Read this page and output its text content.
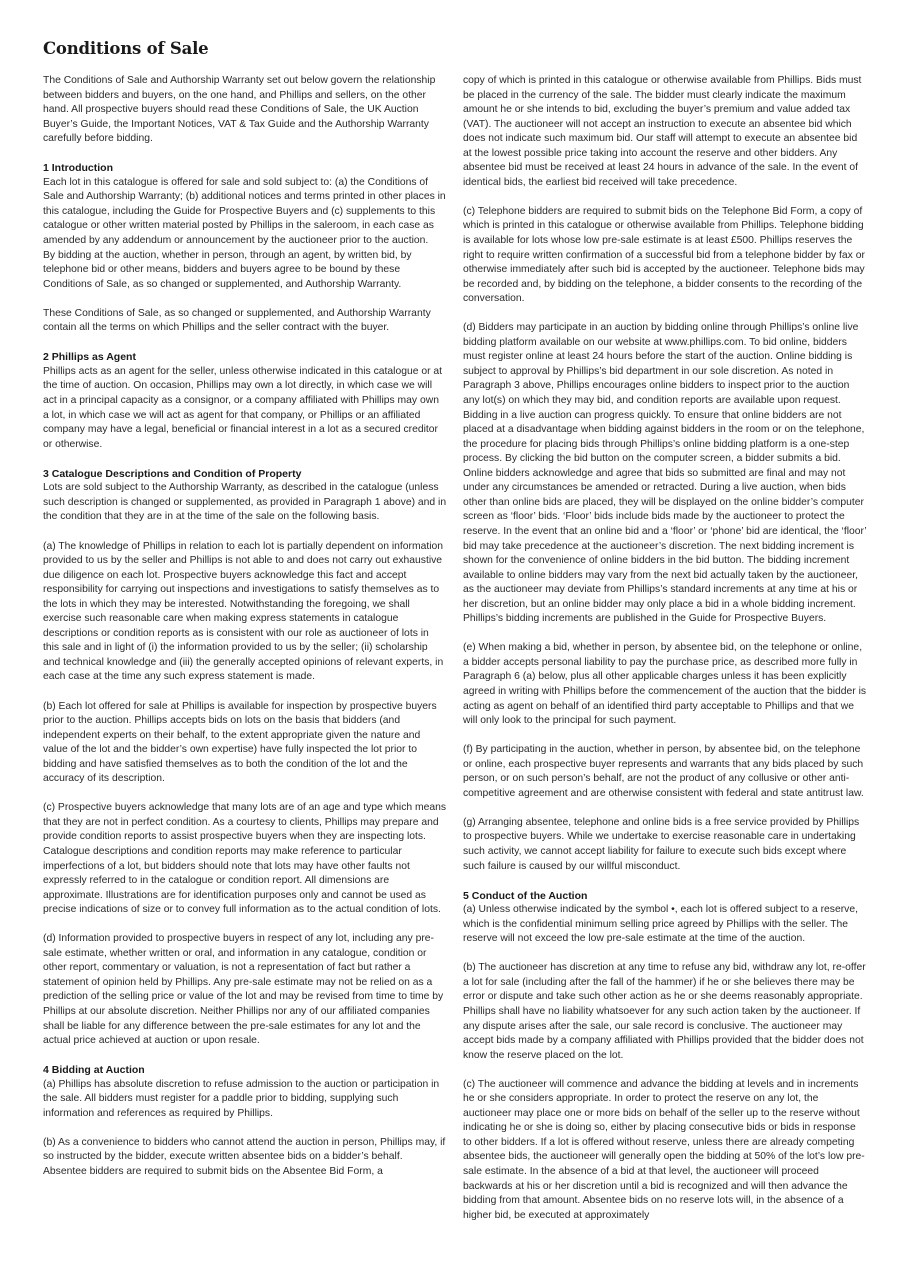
Conditions of Sale

The Conditions of Sale and Authorship Warranty set out below govern the relationship between bidders and buyers, on the one hand, and Phillips and sellers, on the other hand. All prospective buyers should read these Conditions of Sale, the UK Auction Buyer’s Guide, the Important Notices, VAT & Tax Guide and the Authorship Warranty carefully before bidding.

1 Introduction

Each lot in this catalogue is offered for sale and sold subject to: (a) the Conditions of Sale and Authorship Warranty; (b) additional notices and terms printed in other places in this catalogue, including the Guide for Prospective Buyers and (c) supplements to this catalogue or other written material posted by Phillips in the saleroom, in each case as amended by any addendum or announcement by the auctioneer prior to the auction.

By bidding at the auction, whether in person, through an agent, by written bid, by telephone bid or other means, bidders and buyers agree to be bound by these Conditions of Sale, as so changed or supplemented, and Authorship Warranty.

These Conditions of Sale, as so changed or supplemented, and Authorship Warranty contain all the terms on which Phillips and the seller contract with the buyer.

2 Phillips as Agent

Phillips acts as an agent for the seller, unless otherwise indicated in this catalogue or at the time of auction. On occasion, Phillips may own a lot directly, in which case we will act in a principal capacity as a consignor, or a company affiliated with Phillips may own a lot, in which case we will act as agent for that company, or Phillips or an affiliated company may have a legal, beneficial or financial interest in a lot as a secured creditor or otherwise.

3 Catalogue Descriptions and Condition of Property

Lots are sold subject to the Authorship Warranty, as described in the catalogue (unless such description is changed or supplemented, as provided in Paragraph 1 above) and in the condition that they are in at the time of the sale on the following basis.

(a) The knowledge of Phillips in relation to each lot is partially dependent on information provided to us by the seller and Phillips is not able to and does not carry out exhaustive due diligence on each lot. Prospective buyers acknowledge this fact and accept responsibility for carrying out inspections and investigations to satisfy themselves as to the lots in which they may be interested. Notwithstanding the foregoing, we shall exercise such reasonable care when making express statements in catalogue descriptions or condition reports as is consistent with our role as auctioneer of lots in this sale and in light of (i) the information provided to us by the seller; (ii) scholarship and technical knowledge and (iii) the generally accepted opinions of relevant experts, in each case at the time any such express statement is made.

(b) Each lot offered for sale at Phillips is available for inspection by prospective buyers prior to the auction. Phillips accepts bids on lots on the basis that bidders (and independent experts on their behalf, to the extent appropriate given the nature and value of the lot and the bidder’s own expertise) have fully inspected the lot prior to bidding and have satisfied themselves as to both the condition of the lot and the accuracy of its description.

(c) Prospective buyers acknowledge that many lots are of an age and type which means that they are not in perfect condition. As a courtesy to clients, Phillips may prepare and provide condition reports to assist prospective buyers when they are inspecting lots. Catalogue descriptions and condition reports may make reference to particular imperfections of a lot, but bidders should note that lots may have other faults not expressly referred to in the catalogue or condition report. All dimensions are approximate. Illustrations are for identification purposes only and cannot be used as precise indications of size or to convey full information as to the actual condition of lots.

(d) Information provided to prospective buyers in respect of any lot, including any pre-sale estimate, whether written or oral, and information in any catalogue, condition or other report, commentary or valuation, is not a representation of fact but rather a statement of opinion held by Phillips. Any pre-sale estimate may not be relied on as a prediction of the selling price or value of the lot and may be revised from time to time by Phillips at our absolute discretion. Neither Phillips nor any of our affiliated companies shall be liable for any difference between the pre-sale estimates for any lot and the actual price achieved at auction or upon resale.

4 Bidding at Auction

(a) Phillips has absolute discretion to refuse admission to the auction or participation in the sale. All bidders must register for a paddle prior to bidding, supplying such information and references as required by Phillips.

(b) As a convenience to bidders who cannot attend the auction in person, Phillips may, if so instructed by the bidder, execute written absentee bids on a bidder’s behalf. Absentee bidders are required to submit bids on the Absentee Bid Form, a

copy of which is printed in this catalogue or otherwise available from Phillips. Bids must be placed in the currency of the sale. The bidder must clearly indicate the maximum amount he or she intends to bid, excluding the buyer’s premium and value added tax (VAT). The auctioneer will not accept an instruction to execute an absentee bid which does not indicate such maximum bid. Our staff will attempt to execute an absentee bid at the lowest possible price taking into account the reserve and other bidders. Any absentee bid must be received at least 24 hours in advance of the sale. In the event of identical bids, the earliest bid received will take precedence.

(c) Telephone bidders are required to submit bids on the Telephone Bid Form, a copy of which is printed in this catalogue or otherwise available from Phillips. Telephone bidding is available for lots whose low pre-sale estimate is at least £500. Phillips reserves the right to require written confirmation of a successful bid from a telephone bidder by fax or otherwise immediately after such bid is accepted by the auctioneer. Telephone bids may be recorded and, by bidding on the telephone, a bidder consents to the recording of the conversation.

(d) Bidders may participate in an auction by bidding online through Phillips’s online live bidding platform available on our website at www.phillips.com. To bid online, bidders must register online at least 24 hours before the start of the auction. Online bidding is subject to approval by Phillips’s bid department in our sole discretion. As noted in Paragraph 3 above, Phillips encourages online bidders to inspect prior to the auction any lot(s) on which they may bid, and condition reports are available upon request. Bidding in a live auction can progress quickly. To ensure that online bidders are not placed at a disadvantage when bidding against bidders in the room or on the telephone, the procedure for placing bids through Phillips’s online bidding platform is a one-step process. By clicking the bid button on the computer screen, a bidder submits a bid. Online bidders acknowledge and agree that bids so submitted are final and may not under any circumstances be amended or retracted. During a live auction, when bids other than online bids are placed, they will be displayed on the online bidder’s computer screen as ‘floor’ bids. ‘Floor’ bids include bids made by the auctioneer to protect the reserve. In the event that an online bid and a ‘floor’ or ‘phone’ bid are identical, the ‘floor’ bid may take precedence at the auctioneer’s discretion. The next bidding increment is shown for the convenience of online bidders in the bid button. The bidding increment available to online bidders may vary from the next bid actually taken by the auctioneer, as the auctioneer may deviate from Phillips’s standard increments at any time at his or her discretion, but an online bidder may only place a bid in a whole bidding increment. Phillips’s bidding increments are published in the Guide for Prospective Buyers.

(e) When making a bid, whether in person, by absentee bid, on the telephone or online, a bidder accepts personal liability to pay the purchase price, as described more fully in Paragraph 6 (a) below, plus all other applicable charges unless it has been explicitly agreed in writing with Phillips before the commencement of the auction that the bidder is acting as agent on behalf of an identified third party acceptable to Phillips and that we will only look to the principal for such payment.

(f) By participating in the auction, whether in person, by absentee bid, on the telephone or online, each prospective buyer represents and warrants that any bids placed by such person, or on such person’s behalf, are not the product of any collusive or other anti-competitive agreement and are otherwise consistent with federal and state antitrust law.

(g) Arranging absentee, telephone and online bids is a free service provided by Phillips to prospective buyers. While we undertake to exercise reasonable care in undertaking such activity, we cannot accept liability for failure to execute such bids except where such failure is caused by our willful misconduct.

5 Conduct of the Auction

(a) Unless otherwise indicated by the symbol •, each lot is offered subject to a reserve, which is the confidential minimum selling price agreed by Phillips with the seller. The reserve will not exceed the low pre-sale estimate at the time of the auction.

(b) The auctioneer has discretion at any time to refuse any bid, withdraw any lot, re-offer a lot for sale (including after the fall of the hammer) if he or she believes there may be error or dispute and take such other action as he or she deems reasonably appropriate. Phillips shall have no liability whatsoever for any such action taken by the auctioneer. If any dispute arises after the sale, our sale record is conclusive. The auctioneer may accept bids made by a company affiliated with Phillips provided that the bidder does not know the reserve placed on the lot.

(c) The auctioneer will commence and advance the bidding at levels and in increments he or she considers appropriate. In order to protect the reserve on any lot, the auctioneer may place one or more bids on behalf of the seller up to the reserve without indicating he or she is doing so, either by placing consecutive bids or bids in response to other bidders. If a lot is offered without reserve, unless there are already competing absentee bids, the auctioneer will generally open the bidding at 50% of the lot’s low pre-sale estimate. In the absence of a bid at that level, the auctioneer will proceed backwards at his or her discretion until a bid is recognized and will then advance the bidding from that amount. Absentee bids on no reserve lots will, in the absence of a higher bid, be executed at approximately
